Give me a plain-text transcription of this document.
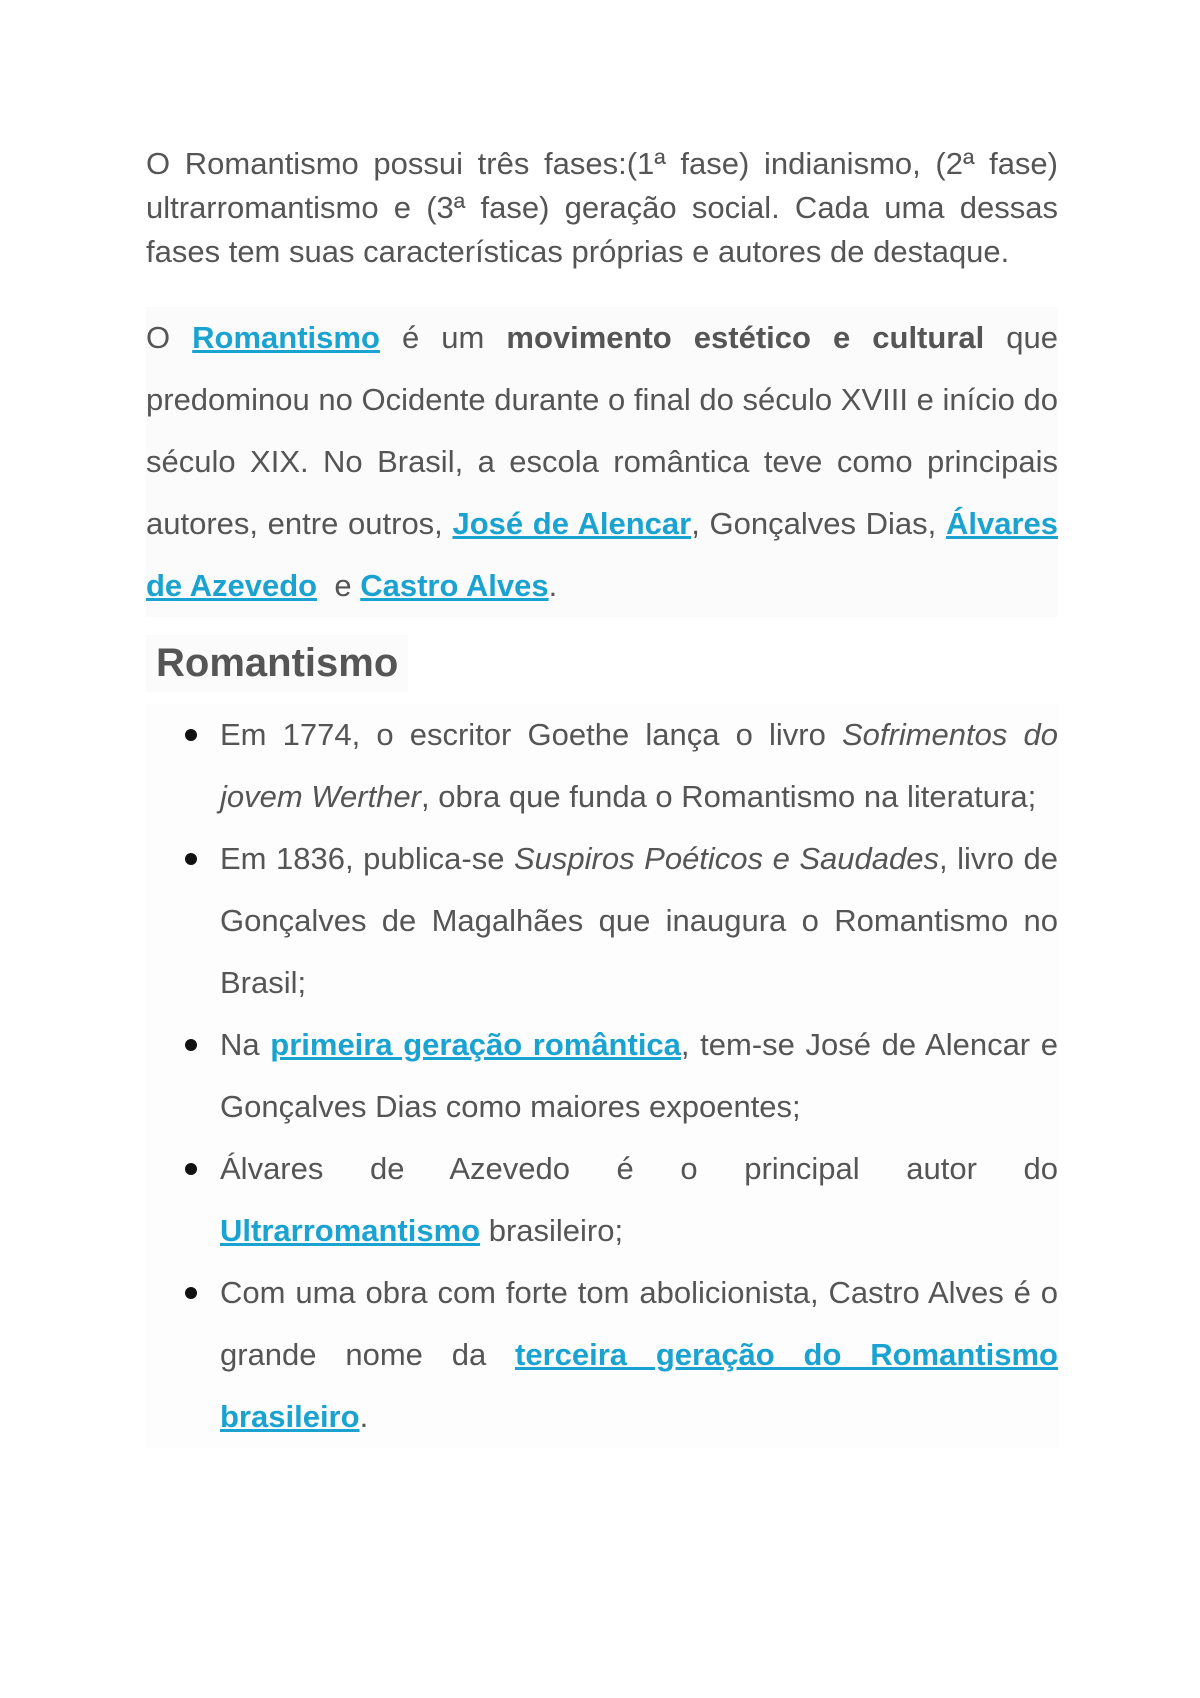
O Romantismo possui três fases:(1ª fase) indianismo, (2ª fase) ultrarromantismo e (3ª fase) geração social. Cada uma dessas fases tem suas características próprias e autores de destaque.

O Romantismo é um movimento estético e cultural que predominou no Ocidente durante o final do século XVIII e início do século XIX. No Brasil, a escola romântica teve como principais autores, entre outros, José de Alencar, Gonçalves Dias, Álvares de Azevedo  e Castro Alves.

Romantismo
Em 1774, o escritor Goethe lança o livro Sofrimentos do jovem Werther, obra que funda o Romantismo na literatura;
Em 1836, publica-se Suspiros Poéticos e Saudades, livro de Gonçalves de Magalhães que inaugura o Romantismo no Brasil;
Na primeira geração romântica, tem-se José de Alencar e Gonçalves Dias como maiores expoentes;
Álvares de Azevedo é o principal autor do Ultrarromantismo brasileiro;
Com uma obra com forte tom abolicionista, Castro Alves é o grande nome da terceira geração do Romantismo brasileiro.
